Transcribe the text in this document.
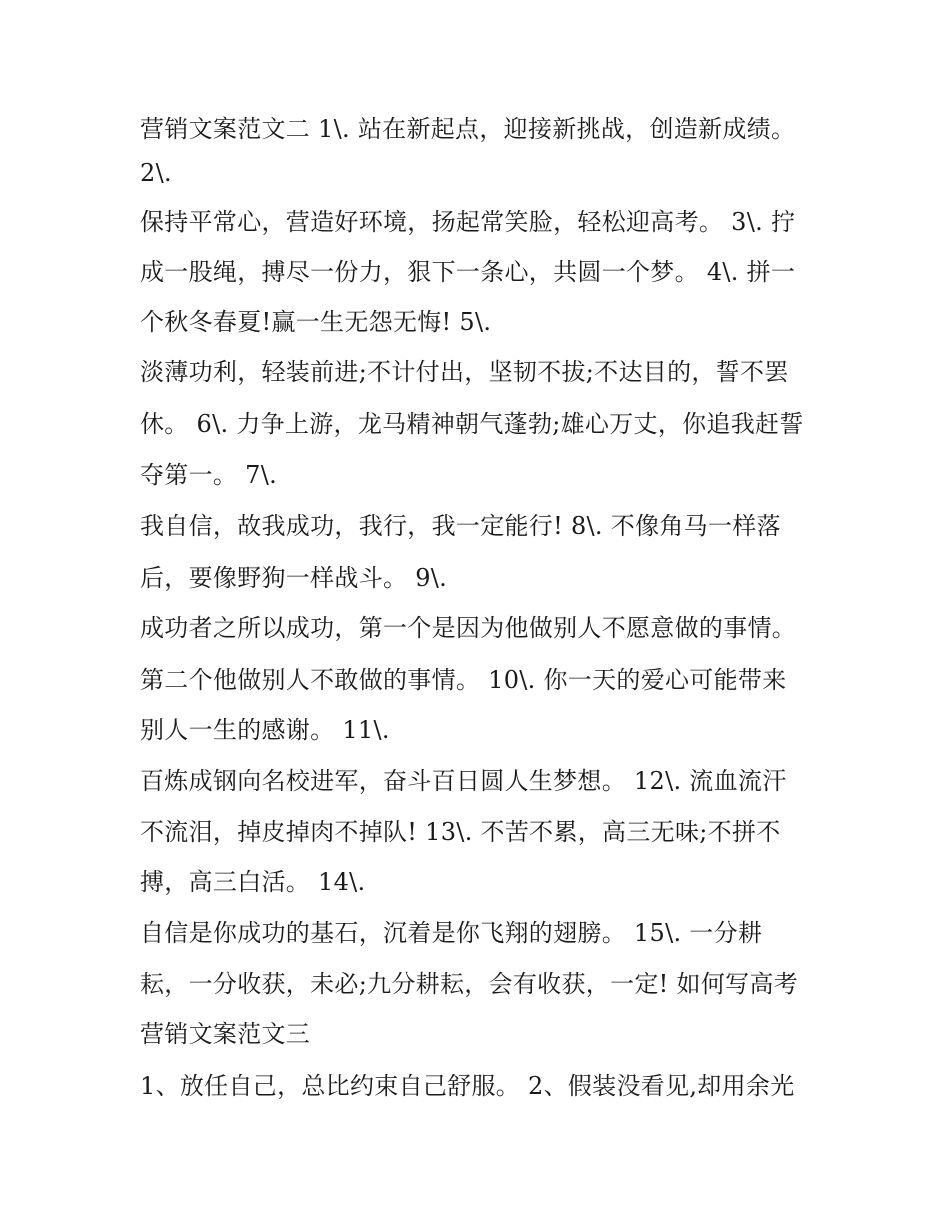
营销文案范文二 1\. 站在新起点，迎接新挑战，创造新成绩。
2\.
保持平常心，营造好环境，扬起常笑脸，轻松迎高考。 3\. 拧
成一股绳，搏尽一份力，狠下一条心，共圆一个梦。 4\. 拼一
个秋冬春夏!赢一生无怨无悔! 5\.
淡薄功利，轻装前进;不计付出，坚韧不拔;不达目的，誓不罢
休。 6\. 力争上游，龙马精神朝气蓬勃;雄心万丈，你追我赶誓
夺第一。 7\.
我自信，故我成功，我行，我一定能行! 8\. 不像角马一样落
后，要像野狗一样战斗。 9\.
成功者之所以成功，第一个是因为他做别人不愿意做的事情。
第二个他做别人不敢做的事情。 10\. 你一天的爱心可能带来
别人一生的感谢。 11\.
百炼成钢向名校进军，奋斗百日圆人生梦想。 12\. 流血流汗
不流泪，掉皮掉肉不掉队! 13\. 不苦不累，高三无味;不拼不
搏，高三白活。 14\.
自信是你成功的基石，沉着是你飞翔的翅膀。 15\. 一分耕
耘，一分收获，未必;九分耕耘，会有收获，一定! 如何写高考
营销文案范文三
1、放任自己，总比约束自己舒服。 2、假装没看见,却用余光
